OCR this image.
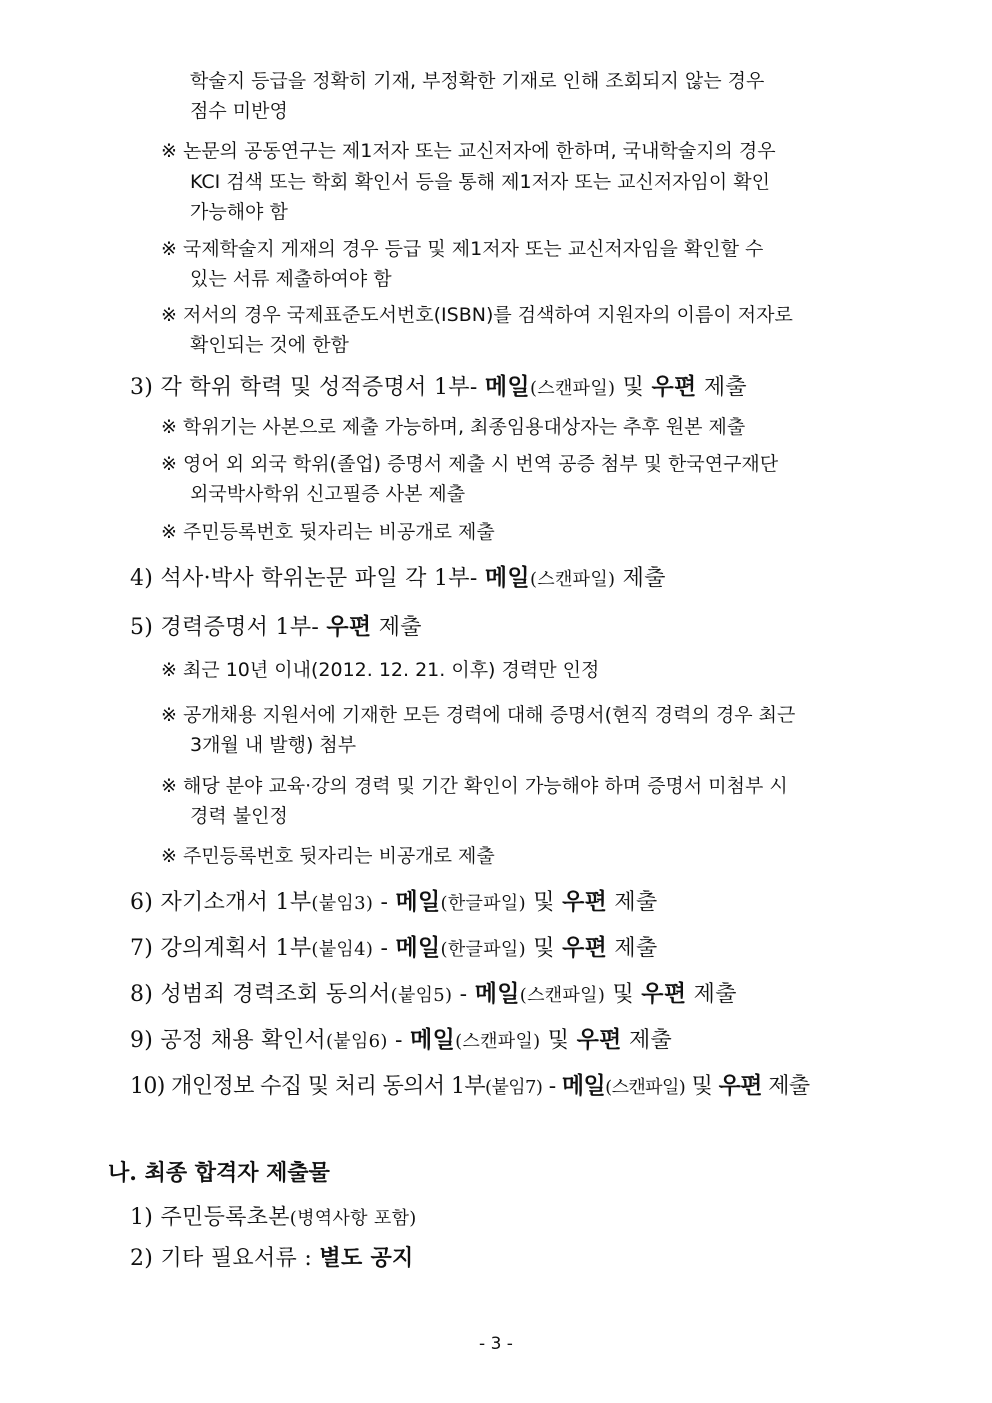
학술지 등급을 정확히 기재, 부정확한 기재로 인해 조회되지 않는 경우
점수 미반영
※ 논문의 공동연구는 제1저자 또는 교신저자에 한하며, 국내학술지의 경우
KCI 검색 또는 학회 확인서 등을 통해 제1저자 또는 교신저자임이 확인
가능해야 함
※ 국제학술지 게재의 경우 등급 및 제1저자 또는 교신저자임을 확인할 수
있는 서류 제출하여야 함
※ 저서의 경우 국제표준도서번호(ISBN)를 검색하여 지원자의 이름이 저자로
확인되는 것에 한함
3) 각 학위 학력 및 성적증명서 1부- 메일(스캔파일) 및 우편 제출
※ 학위기는 사본으로 제출 가능하며, 최종임용대상자는 추후 원본 제출
※ 영어 외 외국 학위(졸업) 증명서 제출 시 번역 공증 첨부 및 한국연구재단
외국박사학위 신고필증 사본 제출
※ 주민등록번호 뒷자리는 비공개로 제출
4) 석사·박사 학위논문 파일 각 1부- 메일(스캔파일) 제출
5) 경력증명서 1부- 우편 제출
※ 최근 10년 이내(2012. 12. 21. 이후) 경력만 인정
※ 공개채용 지원서에 기재한 모든 경력에 대해 증명서(현직 경력의 경우 최근
3개월 내 발행) 첨부
※ 해당 분야 교육·강의 경력 및 기간 확인이 가능해야 하며 증명서 미첨부 시
경력 불인정
※ 주민등록번호 뒷자리는 비공개로 제출
6) 자기소개서 1부(붙임3) - 메일(한글파일) 및 우편 제출
7) 강의계획서 1부(붙임4) - 메일(한글파일) 및 우편 제출
8) 성범죄 경력조회 동의서(붙임5) - 메일(스캔파일) 및 우편 제출
9) 공정 채용 확인서(붙임6) - 메일(스캔파일) 및 우편 제출
10) 개인정보 수집 및 처리 동의서 1부(붙임7) - 메일(스캔파일) 및 우편 제출
나. 최종 합격자 제출물
1) 주민등록초본(병역사항 포함)
2) 기타 필요서류 : 별도 공지
- 3 -
